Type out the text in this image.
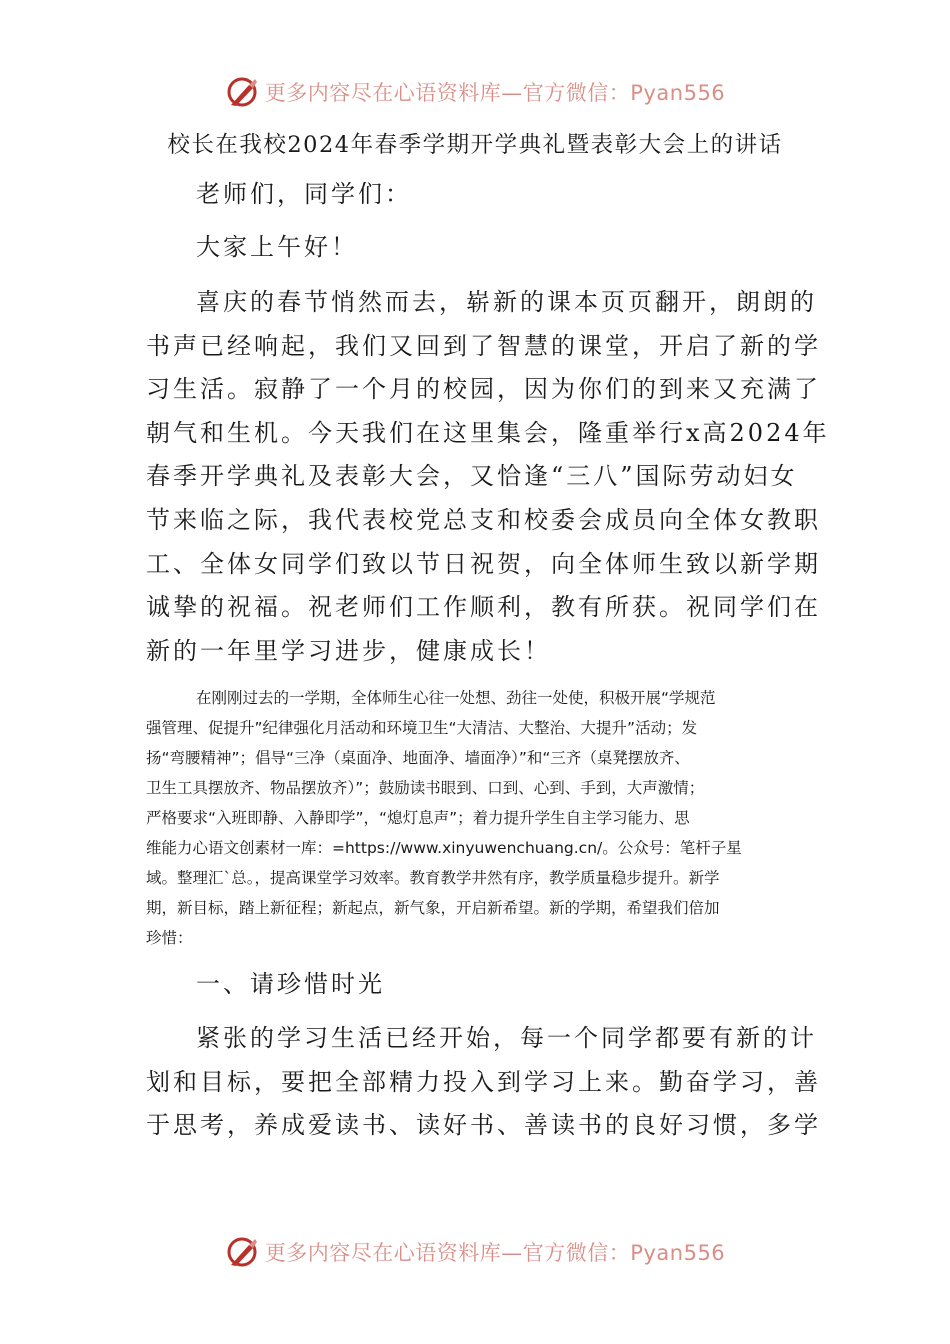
更多内容尽在心语资料库—官方微信：Pyan556
校长在我校2024年春季学期开学典礼暨表彰大会上的讲话
老师们，同学们：
大家上午好！
喜庆的春节悄然而去，崭新的课本页页翻开，朗朗的
书声已经响起，我们又回到了智慧的课堂，开启了新的学
习生活。寂静了一个月的校园，因为你们的到来又充满了
朝气和生机。今天我们在这里集会，隆重举行x高2024年
春季开学典礼及表彰大会，又恰逢“三八”国际劳动妇女
节来临之际，我代表校党总支和校委会成员向全体女教职
工、全体女同学们致以节日祝贺，向全体师生致以新学期
诚挚的祝福。祝老师们工作顺利，教有所获。祝同学们在
新的一年里学习进步，健康成长！
在刚刚过去的一学期，全体师生心往一处想、劲往一处使，积极开展“学规范
强管理、促提升”纪律强化月活动和环境卫生“大清洁、大整治、大提升”活动；发
扬“弯腰精神”；倡导“三净（桌面净、地面净、墙面净）”和“三齐（桌凳摆放齐、
卫生工具摆放齐、物品摆放齐）”；鼓励读书眼到、口到、心到、手到，大声激情；
严格要求“入班即静、入静即学”，“熄灯息声”；着力提升学生自主学习能力、思
维能力心语文创素材一库：=https://www.xinyuwenchuang.cn/。公众号：笔杆子星
域。整理汇`总。，提高课堂学习效率。教育教学井然有序，教学质量稳步提升。新学
期，新目标，踏上新征程；新起点，新气象，开启新希望。新的学期，希望我们倍加
珍惜：
一、请珍惜时光
紧张的学习生活已经开始，每一个同学都要有新的计
划和目标，要把全部精力投入到学习上来。勤奋学习，善
于思考，养成爱读书、读好书、善读书的良好习惯，多学
更多内容尽在心语资料库—官方微信：Pyan556
